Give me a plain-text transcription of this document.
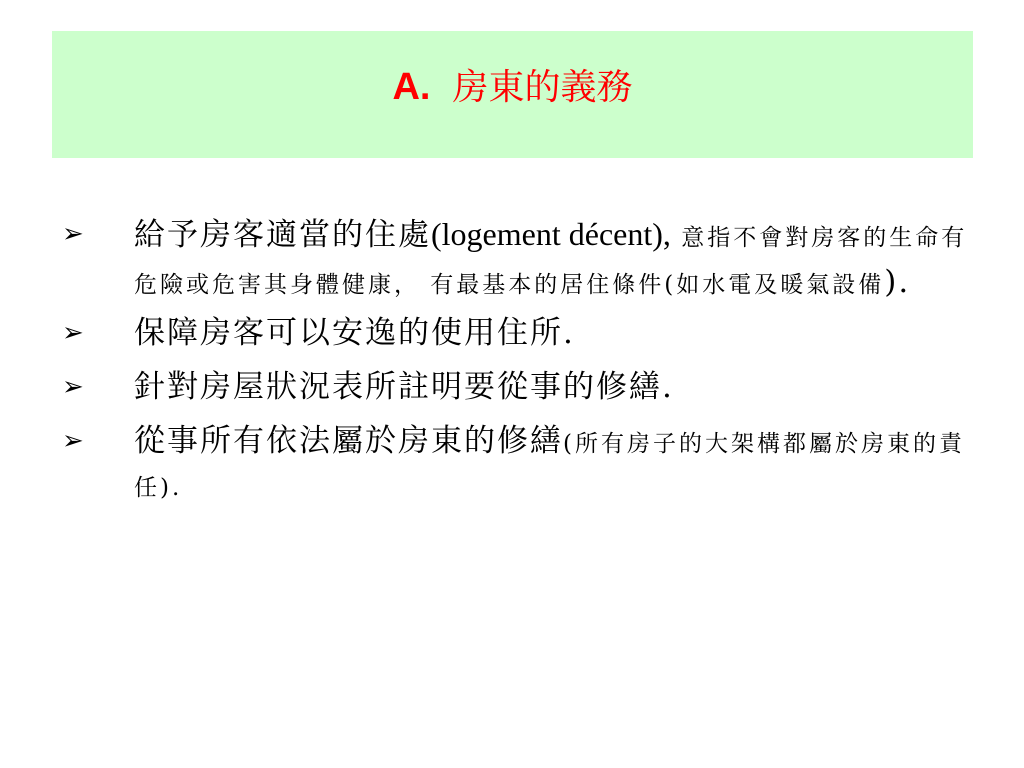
A. 房東的義務
➢ 給予房客適當的住處(logement décent), 意指不會對房客的生命有危險或危害其身體健康， 有最基本的居住條件(如水電及暖氣設備).
➢ 保障房客可以安逸的使用住所.
➢ 針對房屋狀況表所註明要從事的修繕.
➢ 從事所有依法屬於房東的修繕(所有房子的大架構都屬於房東的責任).
